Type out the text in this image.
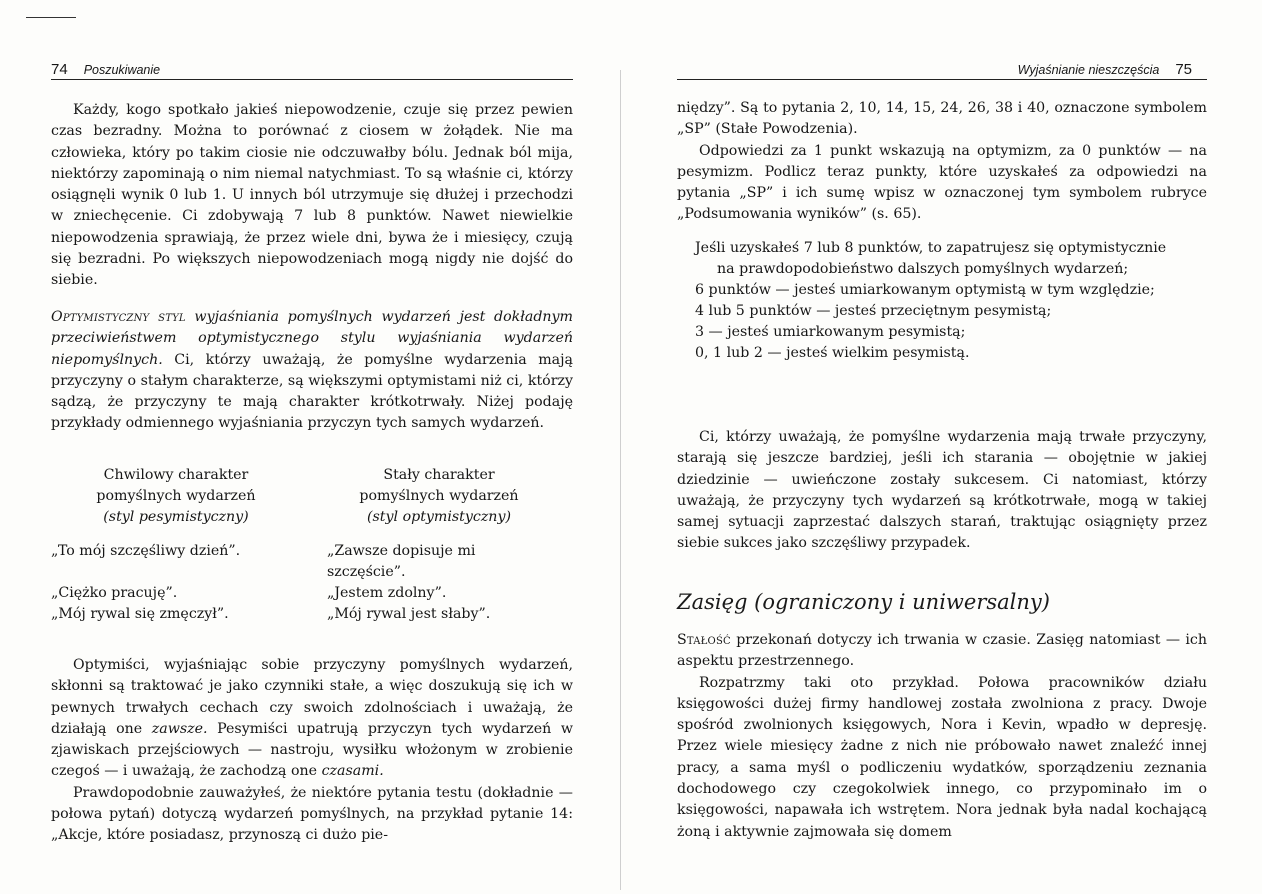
74 Poszukiwanie

Każdy, kogo spotkało jakieś niepowodzenie, czuje się przez pewien czas bezradny. Można to porównać z ciosem w żołądek. Nie ma człowieka, który po takim ciosie nie odczuwałby bólu. Jednak ból mija, niektórzy zapominają o nim niemal natychmiast. To są właśnie ci, którzy osiągnęli wynik 0 lub 1. U innych ból utrzymuje się dłużej i przechodzi w zniechęcenie. Ci zdobywają 7 lub 8 punktów. Nawet niewielkie niepowodzenia sprawiają, że przez wiele dni, bywa że i miesięcy, czują się bezradni. Po większych niepowodzeniach mogą nigdy nie dojść do siebie.

Optymistyczny styl wyjaśniania pomyślnych wydarzeń jest dokładnym przeciwieństwem optymistycznego stylu wyjaśniania wydarzeń niepomyślnych. Ci, którzy uważają, że pomyślne wydarzenia mają przyczyny o stałym charakterze, są większymi optymistami niż ci, którzy sądzą, że przyczyny te mają charakter krótkotrwały. Niżej podaję przykłady odmiennego wyjaśniania przyczyn tych samych wydarzeń.

Chwilowy charakter
pomyślnych wydarzeń
(styl pesymistyczny)
Stały charakter
pomyślnych wydarzeń
(styl optymistyczny)
„To mój szczęśliwy dzień”.
„Ciężko pracuję”.
„Mój rywal się zmęczył”.
„Zawsze dopisuje mi
szczęście”.
„Jestem zdolny”.
„Mój rywal jest słaby”.

Optymiści, wyjaśniając sobie przyczyny pomyślnych wydarzeń, skłonni są traktować je jako czynniki stałe, a więc doszukują się ich w pewnych trwałych cechach czy swoich zdolnościach i uważają, że działają one zawsze. Pesymiści upatrują przyczyn tych wydarzeń w zjawiskach przejściowych — nastroju, wysiłku włożonym w zrobienie czegoś — i uważają, że zachodzą one czasami.

Prawdopodobnie zauważyłeś, że niektóre pytania testu (dokładnie — połowa pytań) dotyczą wydarzeń pomyślnych, na przykład pytanie 14: „Akcje, które posiadasz, przynoszą ci dużo pie-

Wyjaśnianie nieszczęścia 75

niędzy”. Są to pytania 2, 10, 14, 15, 24, 26, 38 i 40, oznaczone symbolem „SP” (Stałe Powodzenia).

Odpowiedzi za 1 punkt wskazują na optymizm, za 0 punktów — na pesymizm. Podlicz teraz punkty, które uzyskałeś za odpowiedzi na pytania „SP” i ich sumę wpisz w oznaczonej tym symbolem rubryce „Podsumowania wyników” (s. 65).

Jeśli uzyskałeś 7 lub 8 punktów, to zapatrujesz się optymistycznie na prawdopodobieństwo dalszych pomyślnych wydarzeń;
6 punktów — jesteś umiarkowanym optymistą w tym względzie;
4 lub 5 punktów — jesteś przeciętnym pesymistą;
3 — jesteś umiarkowanym pesymistą;
0, 1 lub 2 — jesteś wielkim pesymistą.

Ci, którzy uważają, że pomyślne wydarzenia mają trwałe przyczyny, starają się jeszcze bardziej, jeśli ich starania — obojętnie w jakiej dziedzinie — uwieńczone zostały sukcesem. Ci natomiast, którzy uważają, że przyczyny tych wydarzeń są krótkotrwałe, mogą w takiej samej sytuacji zaprzestać dalszych starań, traktując osiągnięty przez siebie sukces jako szczęśliwy przypadek.

Zasięg (ograniczony i uniwersalny)

Stałość przekonań dotyczy ich trwania w czasie. Zasięg natomiast — ich aspektu przestrzennego.

Rozpatrzmy taki oto przykład. Połowa pracowników działu księgowości dużej firmy handlowej została zwolniona z pracy. Dwoje spośród zwolnionych księgowych, Nora i Kevin, wpadło w depresję. Przez wiele miesięcy żadne z nich nie próbowało nawet znaleźć innej pracy, a sama myśl o podliczeniu wydatków, sporządzeniu zeznania dochodowego czy czegokolwiek innego, co przypominało im o księgowości, napawała ich wstrętem. Nora jednak była nadal kochającą żoną i aktywnie zajmowała się domem
